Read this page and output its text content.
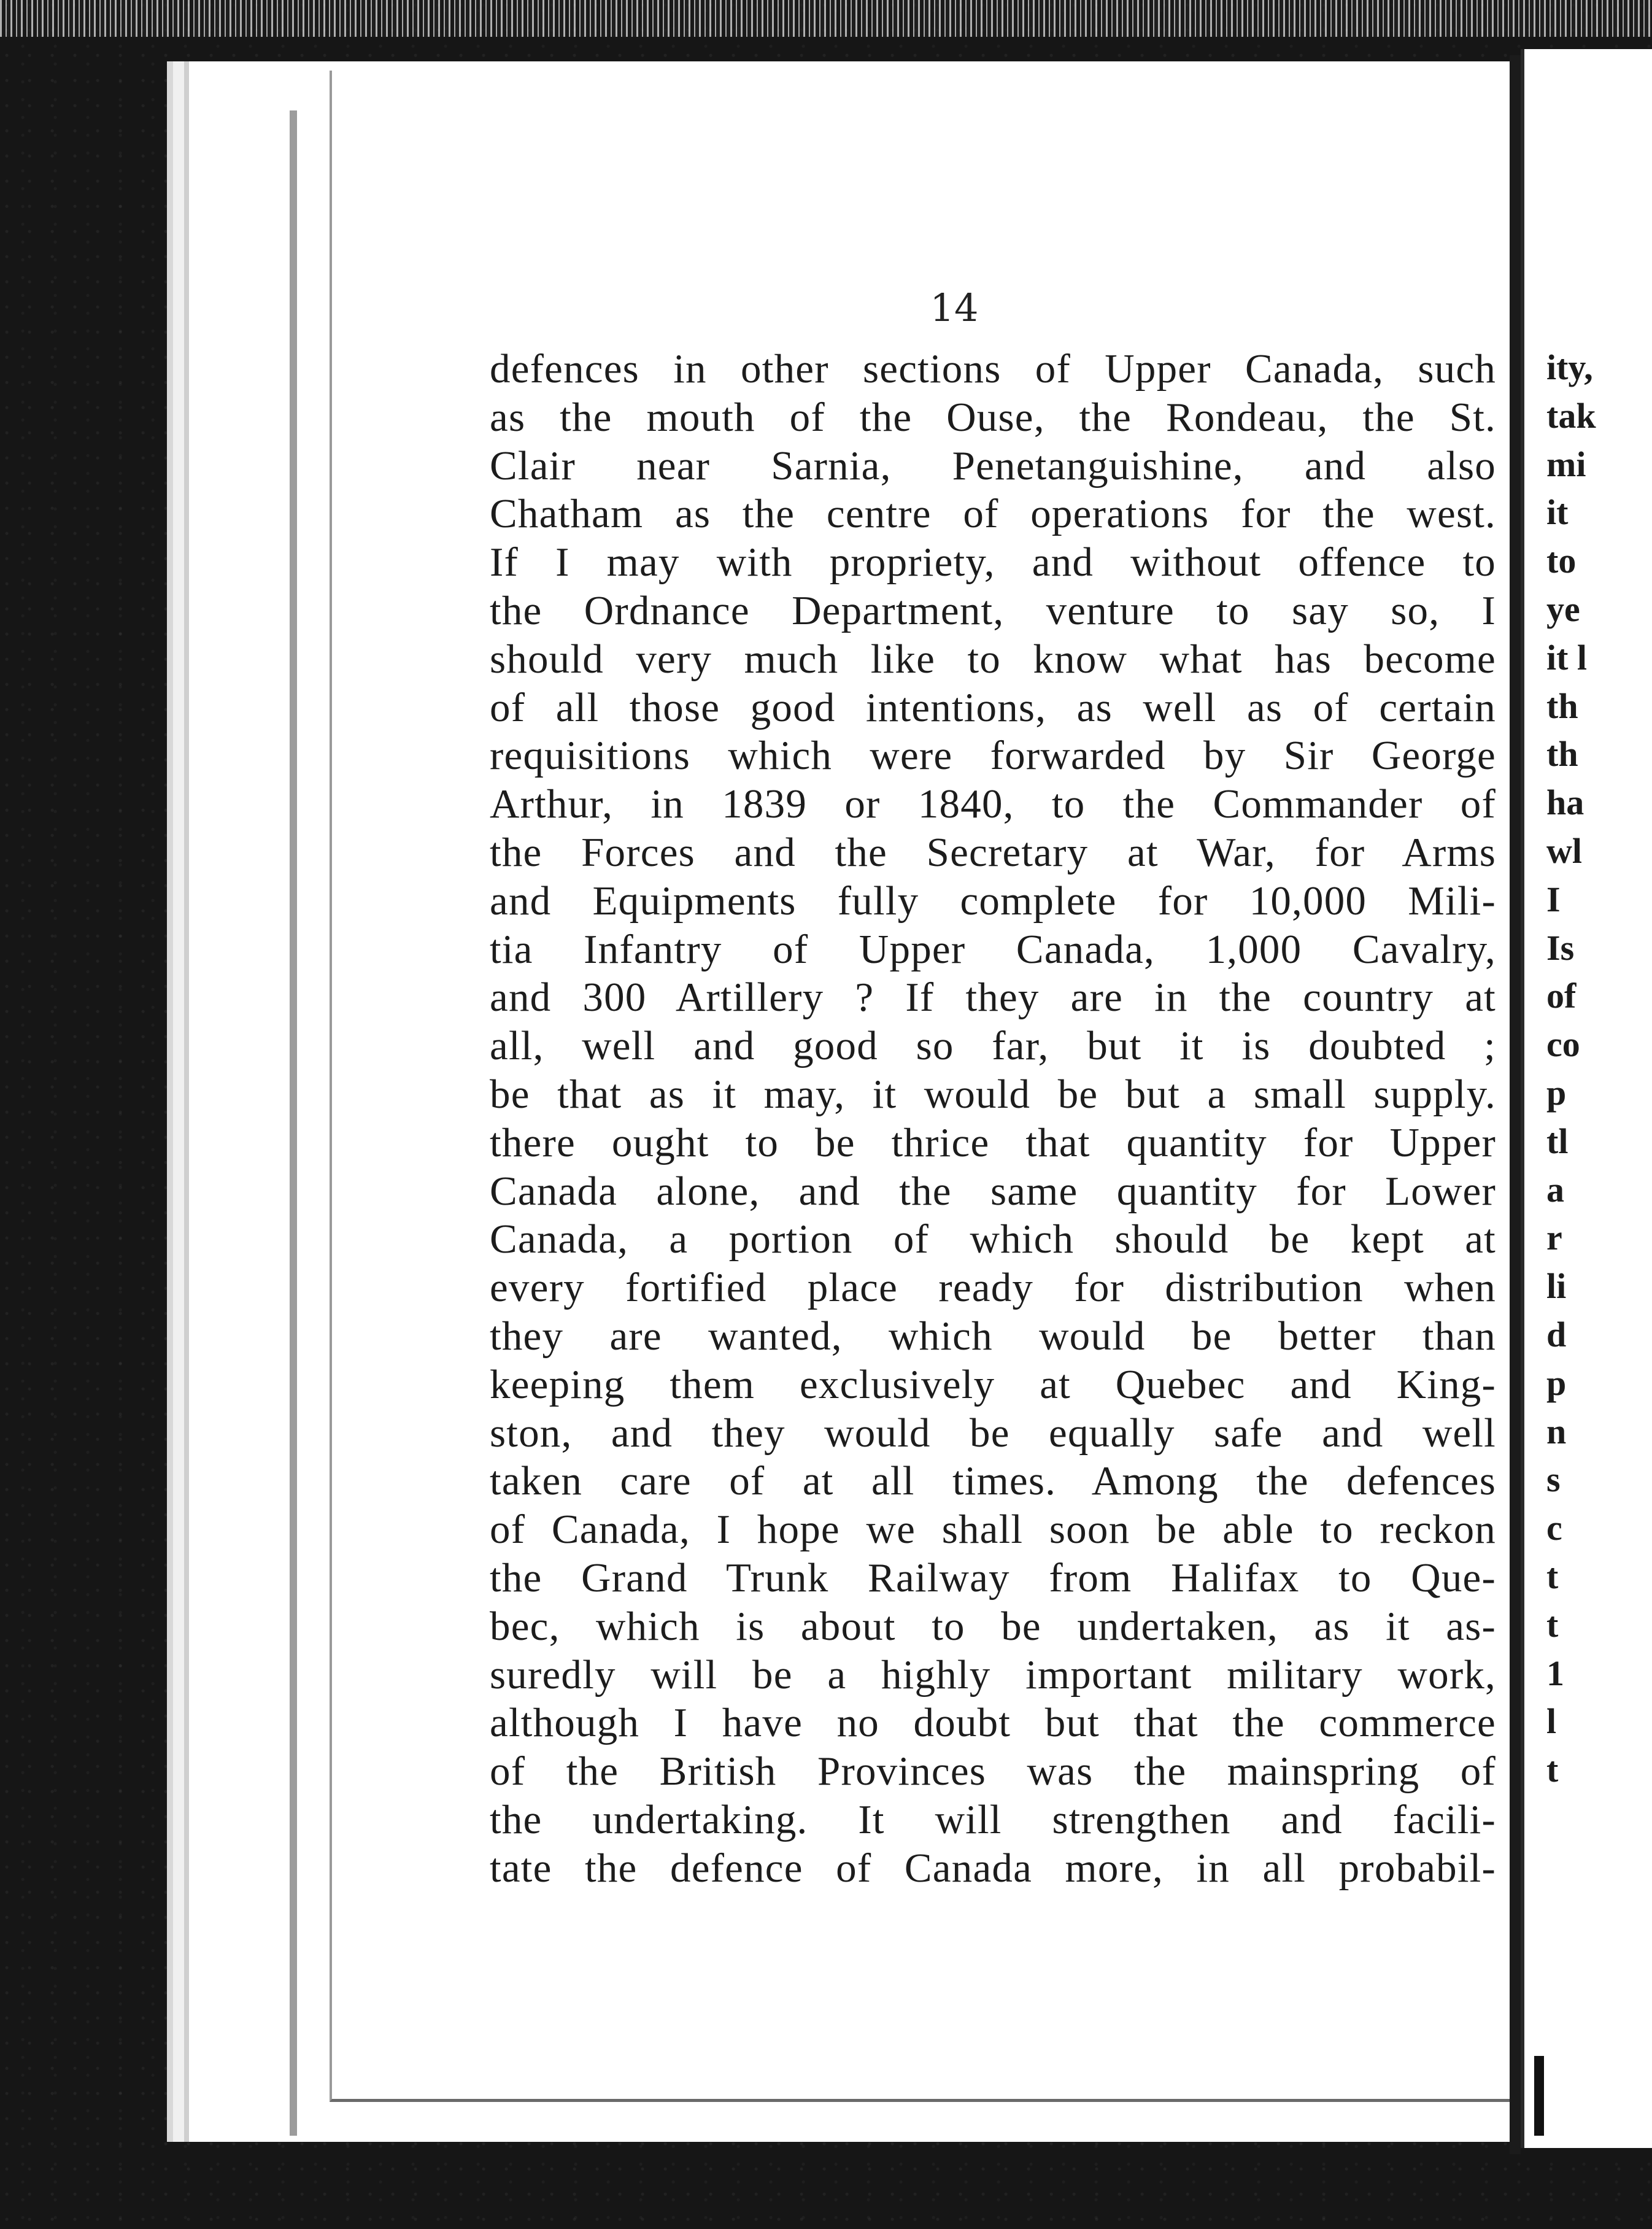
14
defences in other sections of Upper Canada, such
as the mouth of the Ouse, the Rondeau, the St.
Clair near Sarnia, Penetanguishine, and also
Chatham as the centre of operations for the west.
If I may with propriety, and without offence to
the Ordnance Department, venture to say so, I
should very much like to know what has become
of all those good intentions, as well as of certain
requisitions which were forwarded by Sir George
Arthur, in 1839 or 1840, to the Commander of
the Forces and the Secretary at War, for Arms
and Equipments fully complete for 10,000 Mili-
tia Infantry of Upper Canada, 1,000 Cavalry,
and 300 Artillery ? If they are in the country at
all, well and good so far, but it is doubted ;
be that as it may, it would be but a small supply.
there ought to be thrice that quantity for Upper
Canada alone, and the same quantity for Lower
Canada, a portion of which should be kept at
every fortified place ready for distribution when
they are wanted, which would be better than
keeping them exclusively at Quebec and King-
ston, and they would be equally safe and well
taken care of at all times. Among the defences
of Canada, I hope we shall soon be able to reckon
the Grand Trunk Railway from Halifax to Que-
bec, which is about to be undertaken, as it as-
suredly will be a highly important military work,
although I have no doubt but that the commerce
of the British Provinces was the mainspring of
the undertaking. It will strengthen and facili-
tate the defence of Canada more, in all probabil-
ity,
tak
mi
it
to
ye
it l
th
th
ha
wl
I
Is
of
co
p
tl
a
r
li
d
p
n
s
c
t
t
1
l
t
